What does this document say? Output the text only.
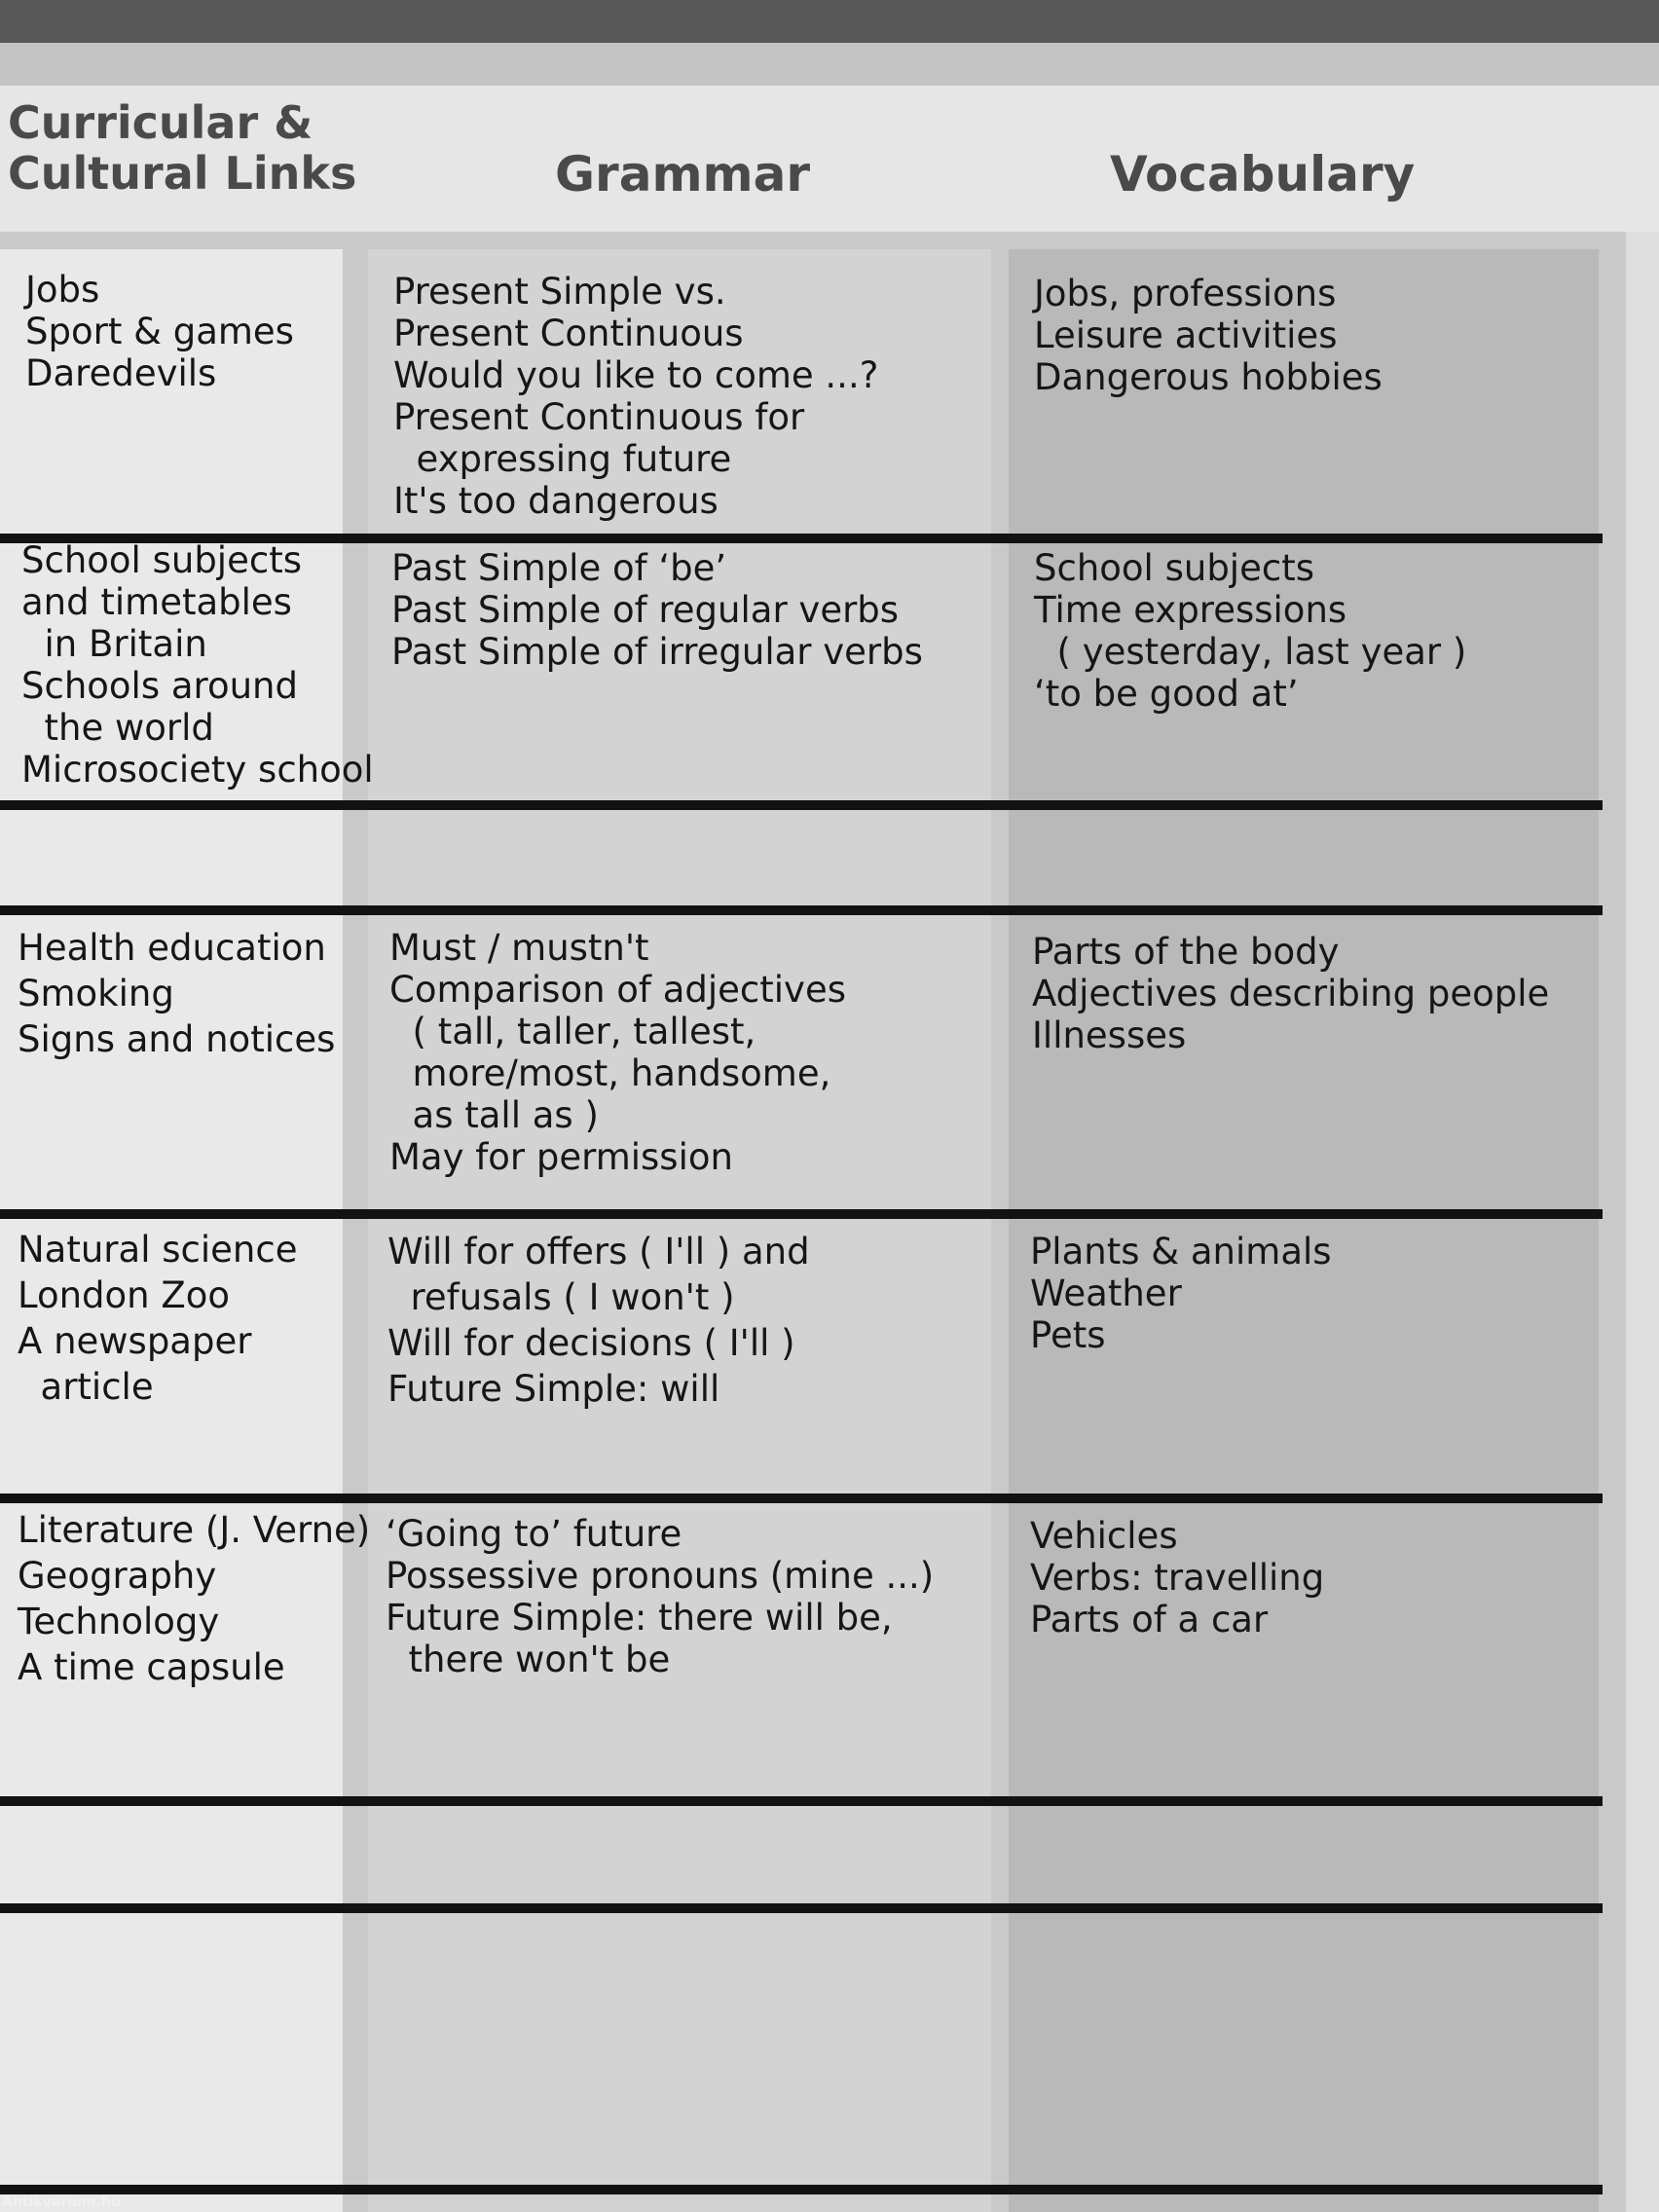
Curricular &
Cultural Links	Grammar	Vocabulary
Jobs
Sport & games
Daredevils
Present Simple vs.
Present Continuous
Would you like to come ...?
Present Continuous for
expressing future
It's too dangerous
Jobs, professions
Leisure activities
Dangerous hobbies
School subjects
and timetables
in Britain
Schools around
the world
Microsociety school
Past Simple of ‘be’
Past Simple of regular verbs
Past Simple of irregular verbs
School subjects
Time expressions
( yesterday, last year )
‘to be good at’
Health education
Smoking
Signs and notices
Must / mustn't
Comparison of adjectives
( tall, taller, tallest,
more/most, handsome,
as tall as )
May for permission
Parts of the body
Adjectives describing people
Illnesses
Natural science
London Zoo
A newspaper
article
Will for offers ( I'll ) and
refusals ( I won't )
Will for decisions ( I'll )
Future Simple: will
Plants & animals
Weather
Pets
Literature (J. Verne)
Geography
Technology
A time capsule
‘Going to’ future
Possessive pronouns (mine ...)
Future Simple: there will be,
there won't be
Vehicles
Verbs: travelling
Parts of a car
Antikvarium.hu
